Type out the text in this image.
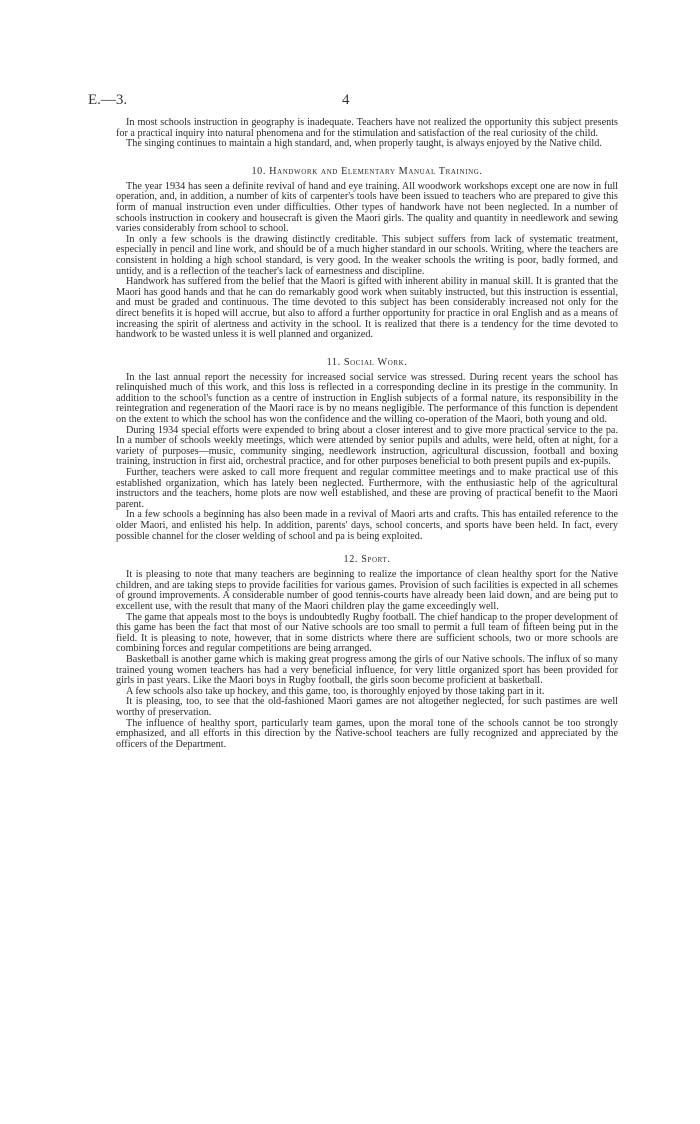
E.—3.	4

In most schools instruction in geography is inadequate. Teachers have not realized the opportunity this subject presents for a practical inquiry into natural phenomena and for the stimulation and satisfaction of the real curiosity of the child.

The singing continues to maintain a high standard, and, when properly taught, is always enjoyed by the Native child.

10. Handwork and Elementary Manual Training.

The year 1934 has seen a definite revival of hand and eye training. All woodwork workshops except one are now in full operation, and, in addition, a number of kits of carpenter's tools have been issued to teachers who are prepared to give this form of manual instruction even under difficulties. Other types of handwork have not been neglected. In a number of schools instruction in cookery and housecraft is given the Maori girls. The quality and quantity in needlework and sewing varies considerably from school to school.

In only a few schools is the drawing distinctly creditable. This subject suffers from lack of systematic treatment, especially in pencil and line work, and should be of a much higher standard in our schools. Writing, where the teachers are consistent in holding a high school standard, is very good. In the weaker schools the writing is poor, badly formed, and untidy, and is a reflection of the teacher's lack of earnestness and discipline.

Handwork has suffered from the belief that the Maori is gifted with inherent ability in manual skill. It is granted that the Maori has good hands and that he can do remarkably good work when suitably instructed, but this instruction is essential, and must be graded and continuous. The time devoted to this subject has been considerably increased not only for the direct benefits it is hoped will accrue, but also to afford a further opportunity for practice in oral English and as a means of increasing the spirit of alertness and activity in the school. It is realized that there is a tendency for the time devoted to handwork to be wasted unless it is well planned and organized.

11. Social Work.

In the last annual report the necessity for increased social service was stressed. During recent years the school has relinquished much of this work, and this loss is reflected in a corresponding decline in its prestige in the community. In addition to the school's function as a centre of instruction in English subjects of a formal nature, its responsibility in the reintegration and regeneration of the Maori race is by no means negligible. The performance of this function is dependent on the extent to which the school has won the confidence and the willing co-operation of the Maori, both young and old.

During 1934 special efforts were expended to bring about a closer interest and to give more practical service to the pa. In a number of schools weekly meetings, which were attended by senior pupils and adults, were held, often at night, for a variety of purposes—music, community singing, needlework instruction, agricultural discussion, football and boxing training, instruction in first aid, orchestral practice, and for other purposes beneficial to both present pupils and ex-pupils.

Further, teachers were asked to call more frequent and regular committee meetings and to make practical use of this established organization, which has lately been neglected. Furthermore, with the enthusiastic help of the agricultural instructors and the teachers, home plots are now well established, and these are proving of practical benefit to the Maori parent.

In a few schools a beginning has also been made in a revival of Maori arts and crafts. This has entailed reference to the older Maori, and enlisted his help. In addition, parents' days, school concerts, and sports have been held. In fact, every possible channel for the closer welding of school and pa is being exploited.

12. Sport.

It is pleasing to note that many teachers are beginning to realize the importance of clean healthy sport for the Native children, and are taking steps to provide facilities for various games. Provision of such facilities is expected in all schemes of ground improvements. A considerable number of good tennis-courts have already been laid down, and are being put to excellent use, with the result that many of the Maori children play the game exceedingly well.

The game that appeals most to the boys is undoubtedly Rugby football. The chief handicap to the proper development of this game has been the fact that most of our Native schools are too small to permit a full team of fifteen being put in the field. It is pleasing to note, however, that in some districts where there are sufficient schools, two or more schools are combining forces and regular competitions are being arranged.

Basketball is another game which is making great progress among the girls of our Native schools. The influx of so many trained young women teachers has had a very beneficial influence, for very little organized sport has been provided for girls in past years. Like the Maori boys in Rugby football, the girls soon become proficient at basketball.

A few schools also take up hockey, and this game, too, is thoroughly enjoyed by those taking part in it.

It is pleasing, too, to see that the old-fashioned Maori games are not altogether neglected, for such pastimes are well worthy of preservation.

The influence of healthy sport, particularly team games, upon the moral tone of the schools cannot be too strongly emphasized, and all efforts in this direction by the Native-school teachers are fully recognized and appreciated by the officers of the Department.
